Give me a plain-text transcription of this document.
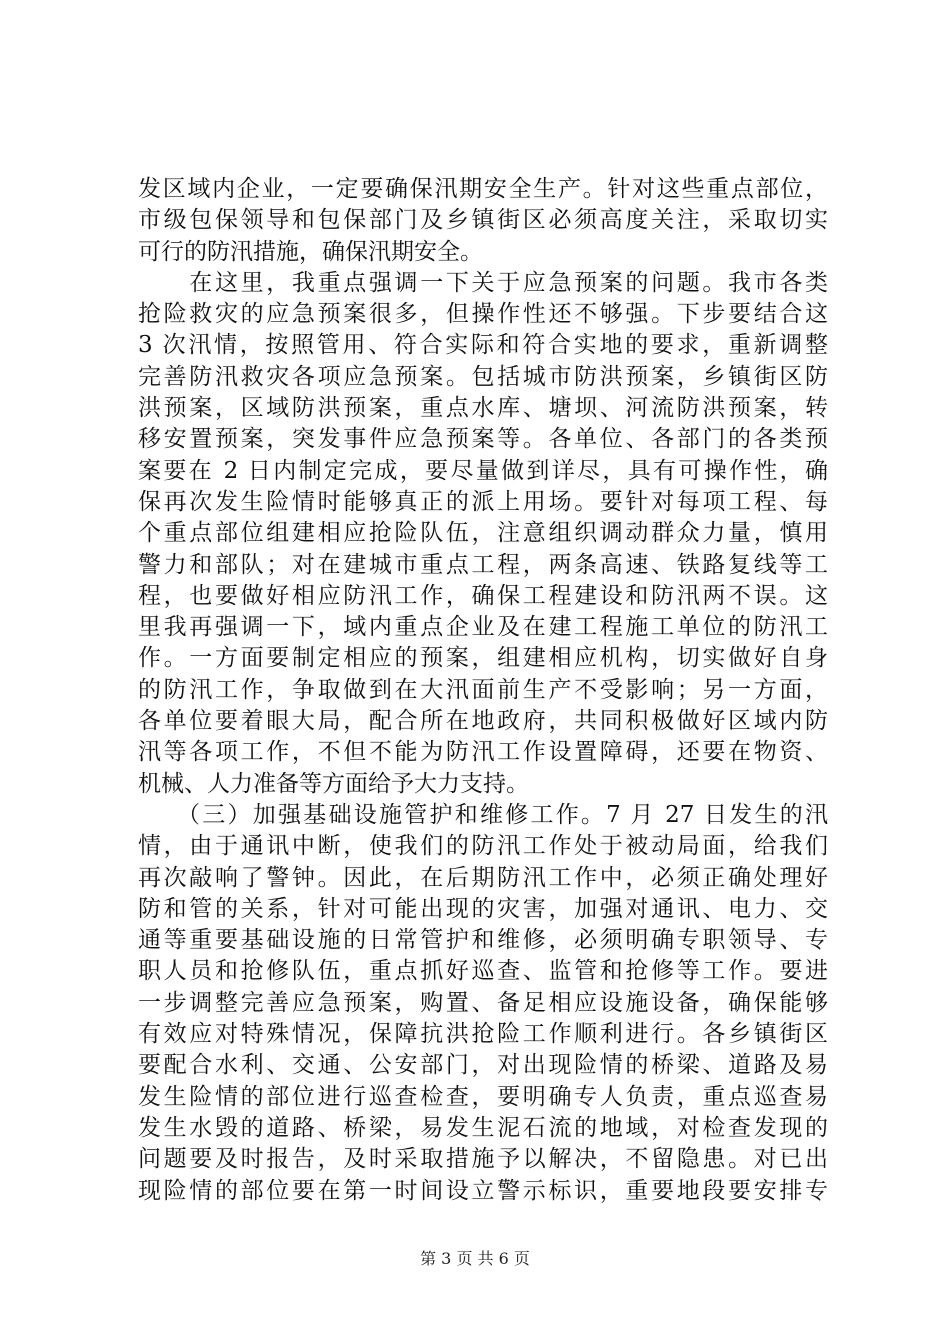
发区域内企业，一定要确保汛期安全生产。针对这些重点部位，
市级包保领导和包保部门及乡镇街区必须高度关注，采取切实
可行的防汛措施，确保汛期安全。
　　在这里，我重点强调一下关于应急预案的问题。我市各类
抢险救灾的应急预案很多，但操作性还不够强。下步要结合这
3 次汛情，按照管用、符合实际和符合实地的要求，重新调整
完善防汛救灾各项应急预案。包括城市防洪预案，乡镇街区防
洪预案，区域防洪预案，重点水库、塘坝、河流防洪预案，转
移安置预案，突发事件应急预案等。各单位、各部门的各类预
案要在 2 日内制定完成，要尽量做到详尽，具有可操作性，确
保再次发生险情时能够真正的派上用场。要针对每项工程、每
个重点部位组建相应抢险队伍，注意组织调动群众力量，慎用
警力和部队；对在建城市重点工程，两条高速、铁路复线等工
程，也要做好相应防汛工作，确保工程建设和防汛两不误。这
里我再强调一下，域内重点企业及在建工程施工单位的防汛工
作。一方面要制定相应的预案，组建相应机构，切实做好自身
的防汛工作，争取做到在大汛面前生产不受影响；另一方面，
各单位要着眼大局，配合所在地政府，共同积极做好区域内防
汛等各项工作，不但不能为防汛工作设置障碍，还要在物资、
机械、人力准备等方面给予大力支持。
　　（三）加强基础设施管护和维修工作。7 月 27 日发生的汛
情，由于通讯中断，使我们的防汛工作处于被动局面，给我们
再次敲响了警钟。因此，在后期防汛工作中，必须正确处理好
防和管的关系，针对可能出现的灾害，加强对通讯、电力、交
通等重要基础设施的日常管护和维修，必须明确专职领导、专
职人员和抢修队伍，重点抓好巡查、监管和抢修等工作。要进
一步调整完善应急预案，购置、备足相应设施设备，确保能够
有效应对特殊情况，保障抗洪抢险工作顺利进行。各乡镇街区
要配合水利、交通、公安部门，对出现险情的桥梁、道路及易
发生险情的部位进行巡查检查，要明确专人负责，重点巡查易
发生水毁的道路、桥梁，易发生泥石流的地域，对检查发现的
问题要及时报告，及时采取措施予以解决，不留隐患。对已出
现险情的部位要在第一时间设立警示标识，重要地段要安排专
第 3 页 共 6 页
